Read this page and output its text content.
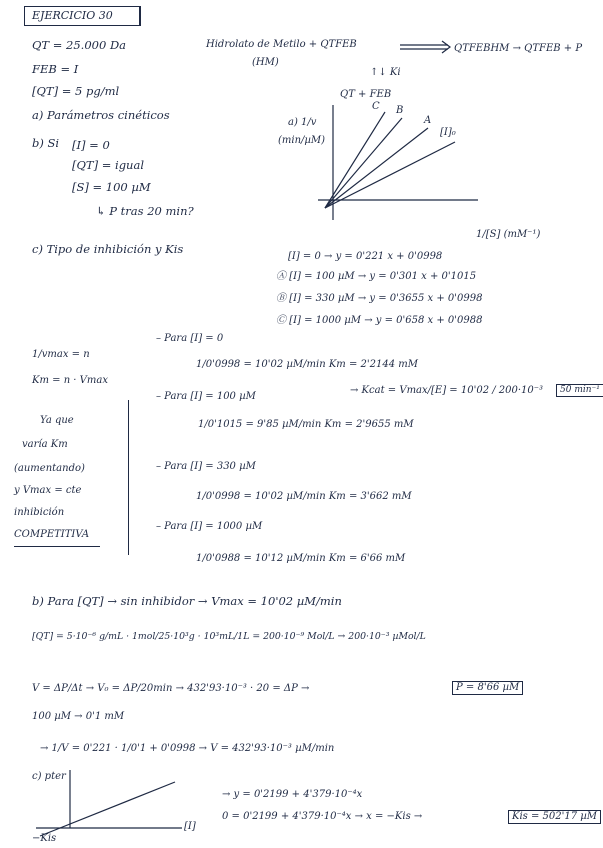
EJERCICIO 30
QT = 25.000 Da
FEB = I
[QT] = 5 pg/ml
a) Parámetros cinéticos
b) Si [I] = 0
[QT] = igual
[S] = 100 µM
↳ P tras 20 min?
Hidrolato de Metilo + QTFEB
(HM)
QTFEBHM → QTFEB + P
↑↓ Ki
QT + FEB
a) 1/v
(min/µM)
1/[S] (mM⁻¹)
[I]₀
C B
A
c) Tipo de inhibición y Kis
[I] = 0 → y = 0'221 x + 0'0998
Ⓐ [I] = 100 µM → y = 0'301 x + 0'1015
Ⓑ [I] = 330 µM → y = 0'3655 x + 0'0998
Ⓒ [I] = 1000 µM → y = 0'658 x + 0'0988
1/vmax = n
Km = n · Vmax
– Para [I] = 0
1/0'0998 = 10'02 µM/min Km = 2'2144 mM
→ Kcat = Vmax/[E] = 10'02 / 200·10⁻³	50 min⁻¹
– Para [I] = 100 µM
1/0'1015 = 9'85 µM/min Km = 2'9655 mM
– Para [I] = 330 µM
1/0'0998 = 10'02 µM/min Km = 3'662 mM
– Para [I] = 1000 µM
1/0'0988 = 10'12 µM/min Km = 6'66 mM
Ya que
varía Km
(aumentando)
y Vmax = cte
inhibición
COMPETITIVA
b) Para [QT] → sin inhibidor → Vmax = 10'02 µM/min
[QT] = 5·10⁻⁶ g/mL · 1mol/25·10³g · 10³mL/1L = 200·10⁻⁹ Mol/L → 200·10⁻³ µMol/L
V = ΔP/Δt → V₀ = ΔP/20min → 432'93·10⁻³ · 20 = ΔP →	P = 8'66 µM
100 µM → 0'1 mM
→ 1/V = 0'221 · 1/0'1 + 0'0998 → V = 432'93·10⁻³ µM/min
c) pter
[I]
−Kis
→ y = 0'2199 + 4'379·10⁻⁴x
0 = 0'2199 + 4'379·10⁻⁴x → x = −Kis →	Kis = 502'17 µM
